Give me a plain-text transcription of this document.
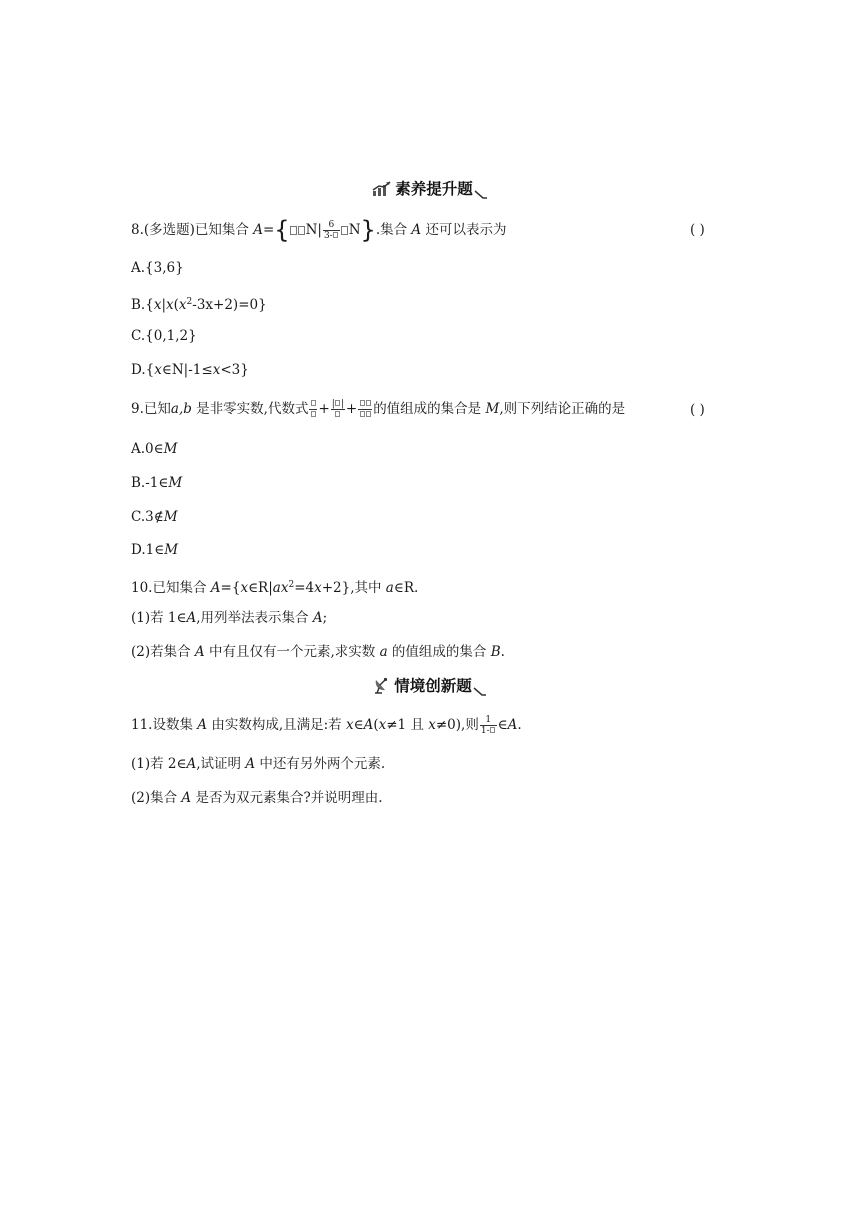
素养提升题
8.(多选题)已知集合 A={ $N| \frac{6}{3-} N$}.集合 A 还可以表示为	( )
A.{3,6}
$B.\{x|x(x^2-3x+2)=0\}$
C.{0,1,2}
D.{x∈N|-1≤x<3}
9.已知a,b 是非零实数,代数式 + | | + 的值组成的集合是 M,则下列结论正确的是	( )
A.0∈M
B.-1∈M
C.3∉M
D.1∈M
10.已知集合 $A=\{x\in R|ax^2=4x+2\}$,其中 a∈R.
(1)若 1∈A,用列举法表示集合 A;
(2)若集合 A 中有且仅有一个元素,求实数 a 的值组成的集合 B.
情境创新题
11.设数集 A 由实数构成,且满足:若 x∈A(x≠1 且 x≠0),则 $\frac{1}{1-}$ ∈A.
(1)若 2∈A,试证明 A 中还有另外两个元素.
(2)集合 A 是否为双元素集合?并说明理由.
